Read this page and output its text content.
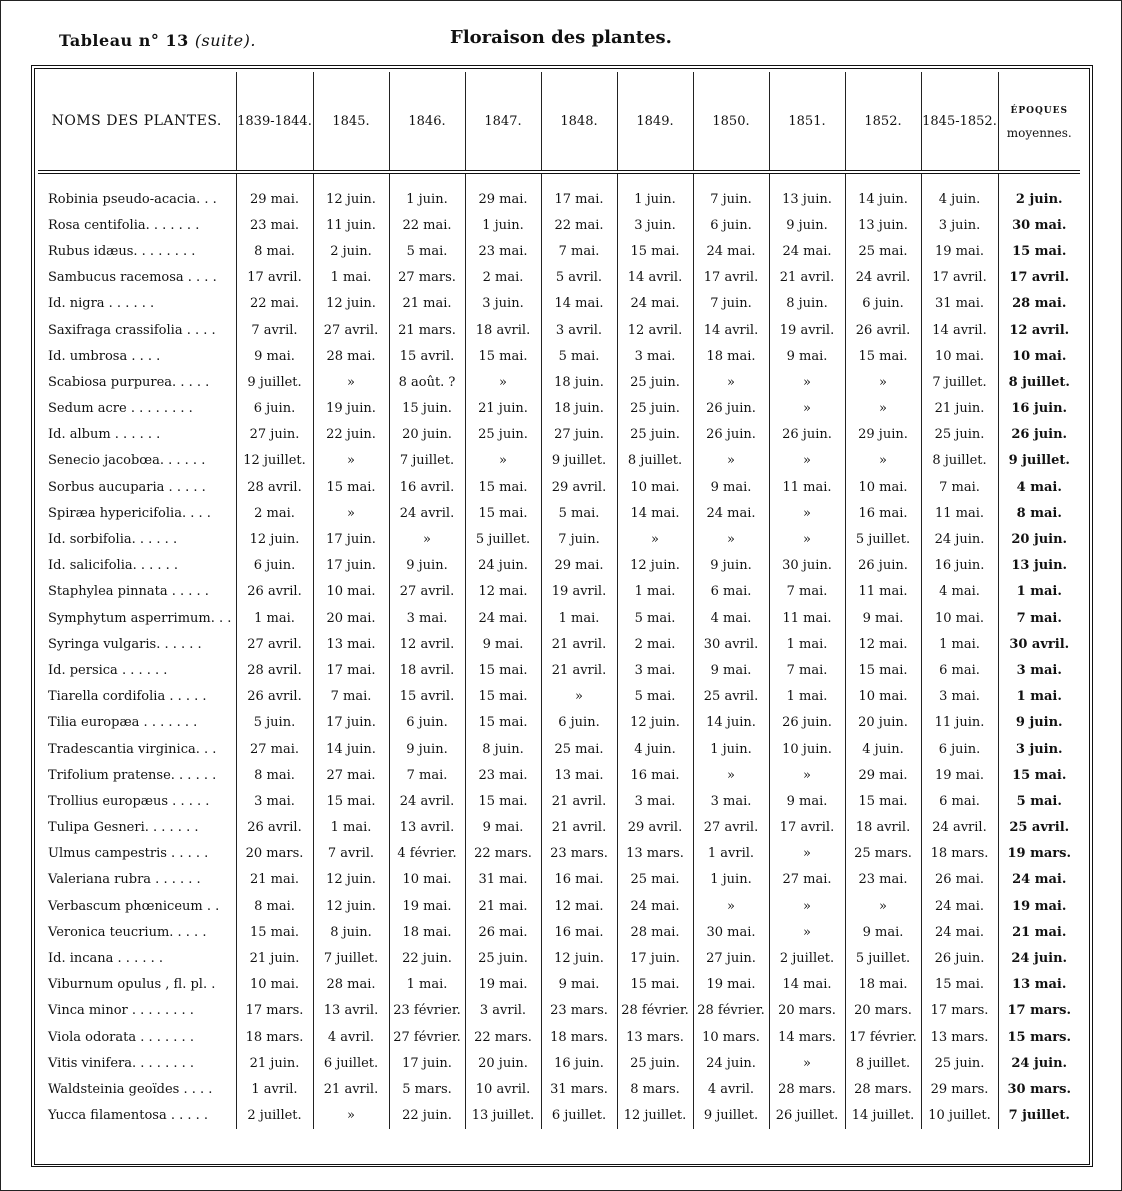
Tableau n° 13 (suite).	Floraison des plantes.
NOMS DES PLANTES.	1839-1844.	1845.	1846.	1847.	1848.	1849.	1850.	1851.	1852.	1845-1852.	ÉPOQUES
moyennes.
Robinia pseudo-acacia. . .	29 mai.	12 juin.	1 juin.	29 mai.	17 mai.	1 juin.	7 juin.	13 juin.	14 juin.	4 juin.	2 juin.
Rosa centifolia. . . . . . .	23 mai.	11 juin.	22 mai.	1 juin.	22 mai.	3 juin.	6 juin.	9 juin.	13 juin.	3 juin.	30 mai.
Rubus idæus. . . . . . . .	8 mai.	2 juin.	5 mai.	23 mai.	7 mai.	15 mai.	24 mai.	24 mai.	25 mai.	19 mai.	15 mai.
Sambucus racemosa . . . .	17 avril.	1 mai.	27 mars.	2 mai.	5 avril.	14 avril.	17 avril.	21 avril.	24 avril.	17 avril.	17 avril.
Id. nigra . . . . . .	22 mai.	12 juin.	21 mai.	3 juin.	14 mai.	24 mai.	7 juin.	8 juin.	6 juin.	31 mai.	28 mai.
Saxifraga crassifolia . . . .	7 avril.	27 avril.	21 mars.	18 avril.	3 avril.	12 avril.	14 avril.	19 avril.	26 avril.	14 avril.	12 avril.
Id. umbrosa . . . .	9 mai.	28 mai.	15 avril.	15 mai.	5 mai.	3 mai.	18 mai.	9 mai.	15 mai.	10 mai.	10 mai.
Scabiosa purpurea. . . . .	9 juillet.	»	8 août. ?	»	18 juin.	25 juin.	»	»	»	7 juillet.	8 juillet.
Sedum acre . . . . . . . .	6 juin.	19 juin.	15 juin.	21 juin.	18 juin.	25 juin.	26 juin.	»	»	21 juin.	16 juin.
Id. album . . . . . .	27 juin.	22 juin.	20 juin.	25 juin.	27 juin.	25 juin.	26 juin.	26 juin.	29 juin.	25 juin.	26 juin.
Senecio jacobœa. . . . . .	12 juillet.	»	7 juillet.	»	9 juillet.	8 juillet.	»	»	»	8 juillet.	9 juillet.
Sorbus aucuparia . . . . .	28 avril.	15 mai.	16 avril.	15 mai.	29 avril.	10 mai.	9 mai.	11 mai.	10 mai.	7 mai.	4 mai.
Spiræa hypericifolia. . . .	2 mai.	»	24 avril.	15 mai.	5 mai.	14 mai.	24 mai.	»	16 mai.	11 mai.	8 mai.
Id. sorbifolia. . . . . .	12 juin.	17 juin.	»	5 juillet.	7 juin.	»	»	»	5 juillet.	24 juin.	20 juin.
Id. salicifolia. . . . . .	6 juin.	17 juin.	9 juin.	24 juin.	29 mai.	12 juin.	9 juin.	30 juin.	26 juin.	16 juin.	13 juin.
Staphylea pinnata . . . . .	26 avril.	10 mai.	27 avril.	12 mai.	19 avril.	1 mai.	6 mai.	7 mai.	11 mai.	4 mai.	1 mai.
Symphytum asperrimum. . .	1 mai.	20 mai.	3 mai.	24 mai.	1 mai.	5 mai.	4 mai.	11 mai.	9 mai.	10 mai.	7 mai.
Syringa vulgaris. . . . . .	27 avril.	13 mai.	12 avril.	9 mai.	21 avril.	2 mai.	30 avril.	1 mai.	12 mai.	1 mai.	30 avril.
Id. persica . . . . . .	28 avril.	17 mai.	18 avril.	15 mai.	21 avril.	3 mai.	9 mai.	7 mai.	15 mai.	6 mai.	3 mai.
Tiarella cordifolia . . . . .	26 avril.	7 mai.	15 avril.	15 mai.	»	5 mai.	25 avril.	1 mai.	10 mai.	3 mai.	1 mai.
Tilia europæa . . . . . . .	5 juin.	17 juin.	6 juin.	15 mai.	6 juin.	12 juin.	14 juin.	26 juin.	20 juin.	11 juin.	9 juin.
Tradescantia virginica. . .	27 mai.	14 juin.	9 juin.	8 juin.	25 mai.	4 juin.	1 juin.	10 juin.	4 juin.	6 juin.	3 juin.
Trifolium pratense. . . . . .	8 mai.	27 mai.	7 mai.	23 mai.	13 mai.	16 mai.	»	»	29 mai.	19 mai.	15 mai.
Trollius europæus . . . . .	3 mai.	15 mai.	24 avril.	15 mai.	21 avril.	3 mai.	3 mai.	9 mai.	15 mai.	6 mai.	5 mai.
Tulipa Gesneri. . . . . . .	26 avril.	1 mai.	13 avril.	9 mai.	21 avril.	29 avril.	27 avril.	17 avril.	18 avril.	24 avril.	25 avril.
Ulmus campestris . . . . .	20 mars.	7 avril.	4 février.	22 mars.	23 mars.	13 mars.	1 avril.	»	25 mars.	18 mars.	19 mars.
Valeriana rubra . . . . . .	21 mai.	12 juin.	10 mai.	31 mai.	16 mai.	25 mai.	1 juin.	27 mai.	23 mai.	26 mai.	24 mai.
Verbascum phœniceum . .	8 mai.	12 juin.	19 mai.	21 mai.	12 mai.	24 mai.	»	»	»	24 mai.	19 mai.
Veronica teucrium. . . . .	15 mai.	8 juin.	18 mai.	26 mai.	16 mai.	28 mai.	30 mai.	»	9 mai.	24 mai.	21 mai.
Id. incana . . . . . .	21 juin.	7 juillet.	22 juin.	25 juin.	12 juin.	17 juin.	27 juin.	2 juillet.	5 juillet.	26 juin.	24 juin.
Viburnum opulus , fl. pl. .	10 mai.	28 mai.	1 mai.	19 mai.	9 mai.	15 mai.	19 mai.	14 mai.	18 mai.	15 mai.	13 mai.
Vinca minor . . . . . . . .	17 mars.	13 avril.	23 février.	3 avril.	23 mars.	28 février.	28 février.	20 mars.	20 mars.	17 mars.	17 mars.
Viola odorata . . . . . . .	18 mars.	4 avril.	27 février.	22 mars.	18 mars.	13 mars.	10 mars.	14 mars.	17 février.	13 mars.	15 mars.
Vitis vinifera. . . . . . . .	21 juin.	6 juillet.	17 juin.	20 juin.	16 juin.	25 juin.	24 juin.	»	8 juillet.	25 juin.	24 juin.
Waldsteinia geoïdes . . . .	1 avril.	21 avril.	5 mars.	10 avril.	31 mars.	8 mars.	4 avril.	28 mars.	28 mars.	29 mars.	30 mars.
Yucca filamentosa . . . . .	2 juillet.	»	22 juin.	13 juillet.	6 juillet.	12 juillet.	9 juillet.	26 juillet.	14 juillet.	10 juillet.	7 juillet.
